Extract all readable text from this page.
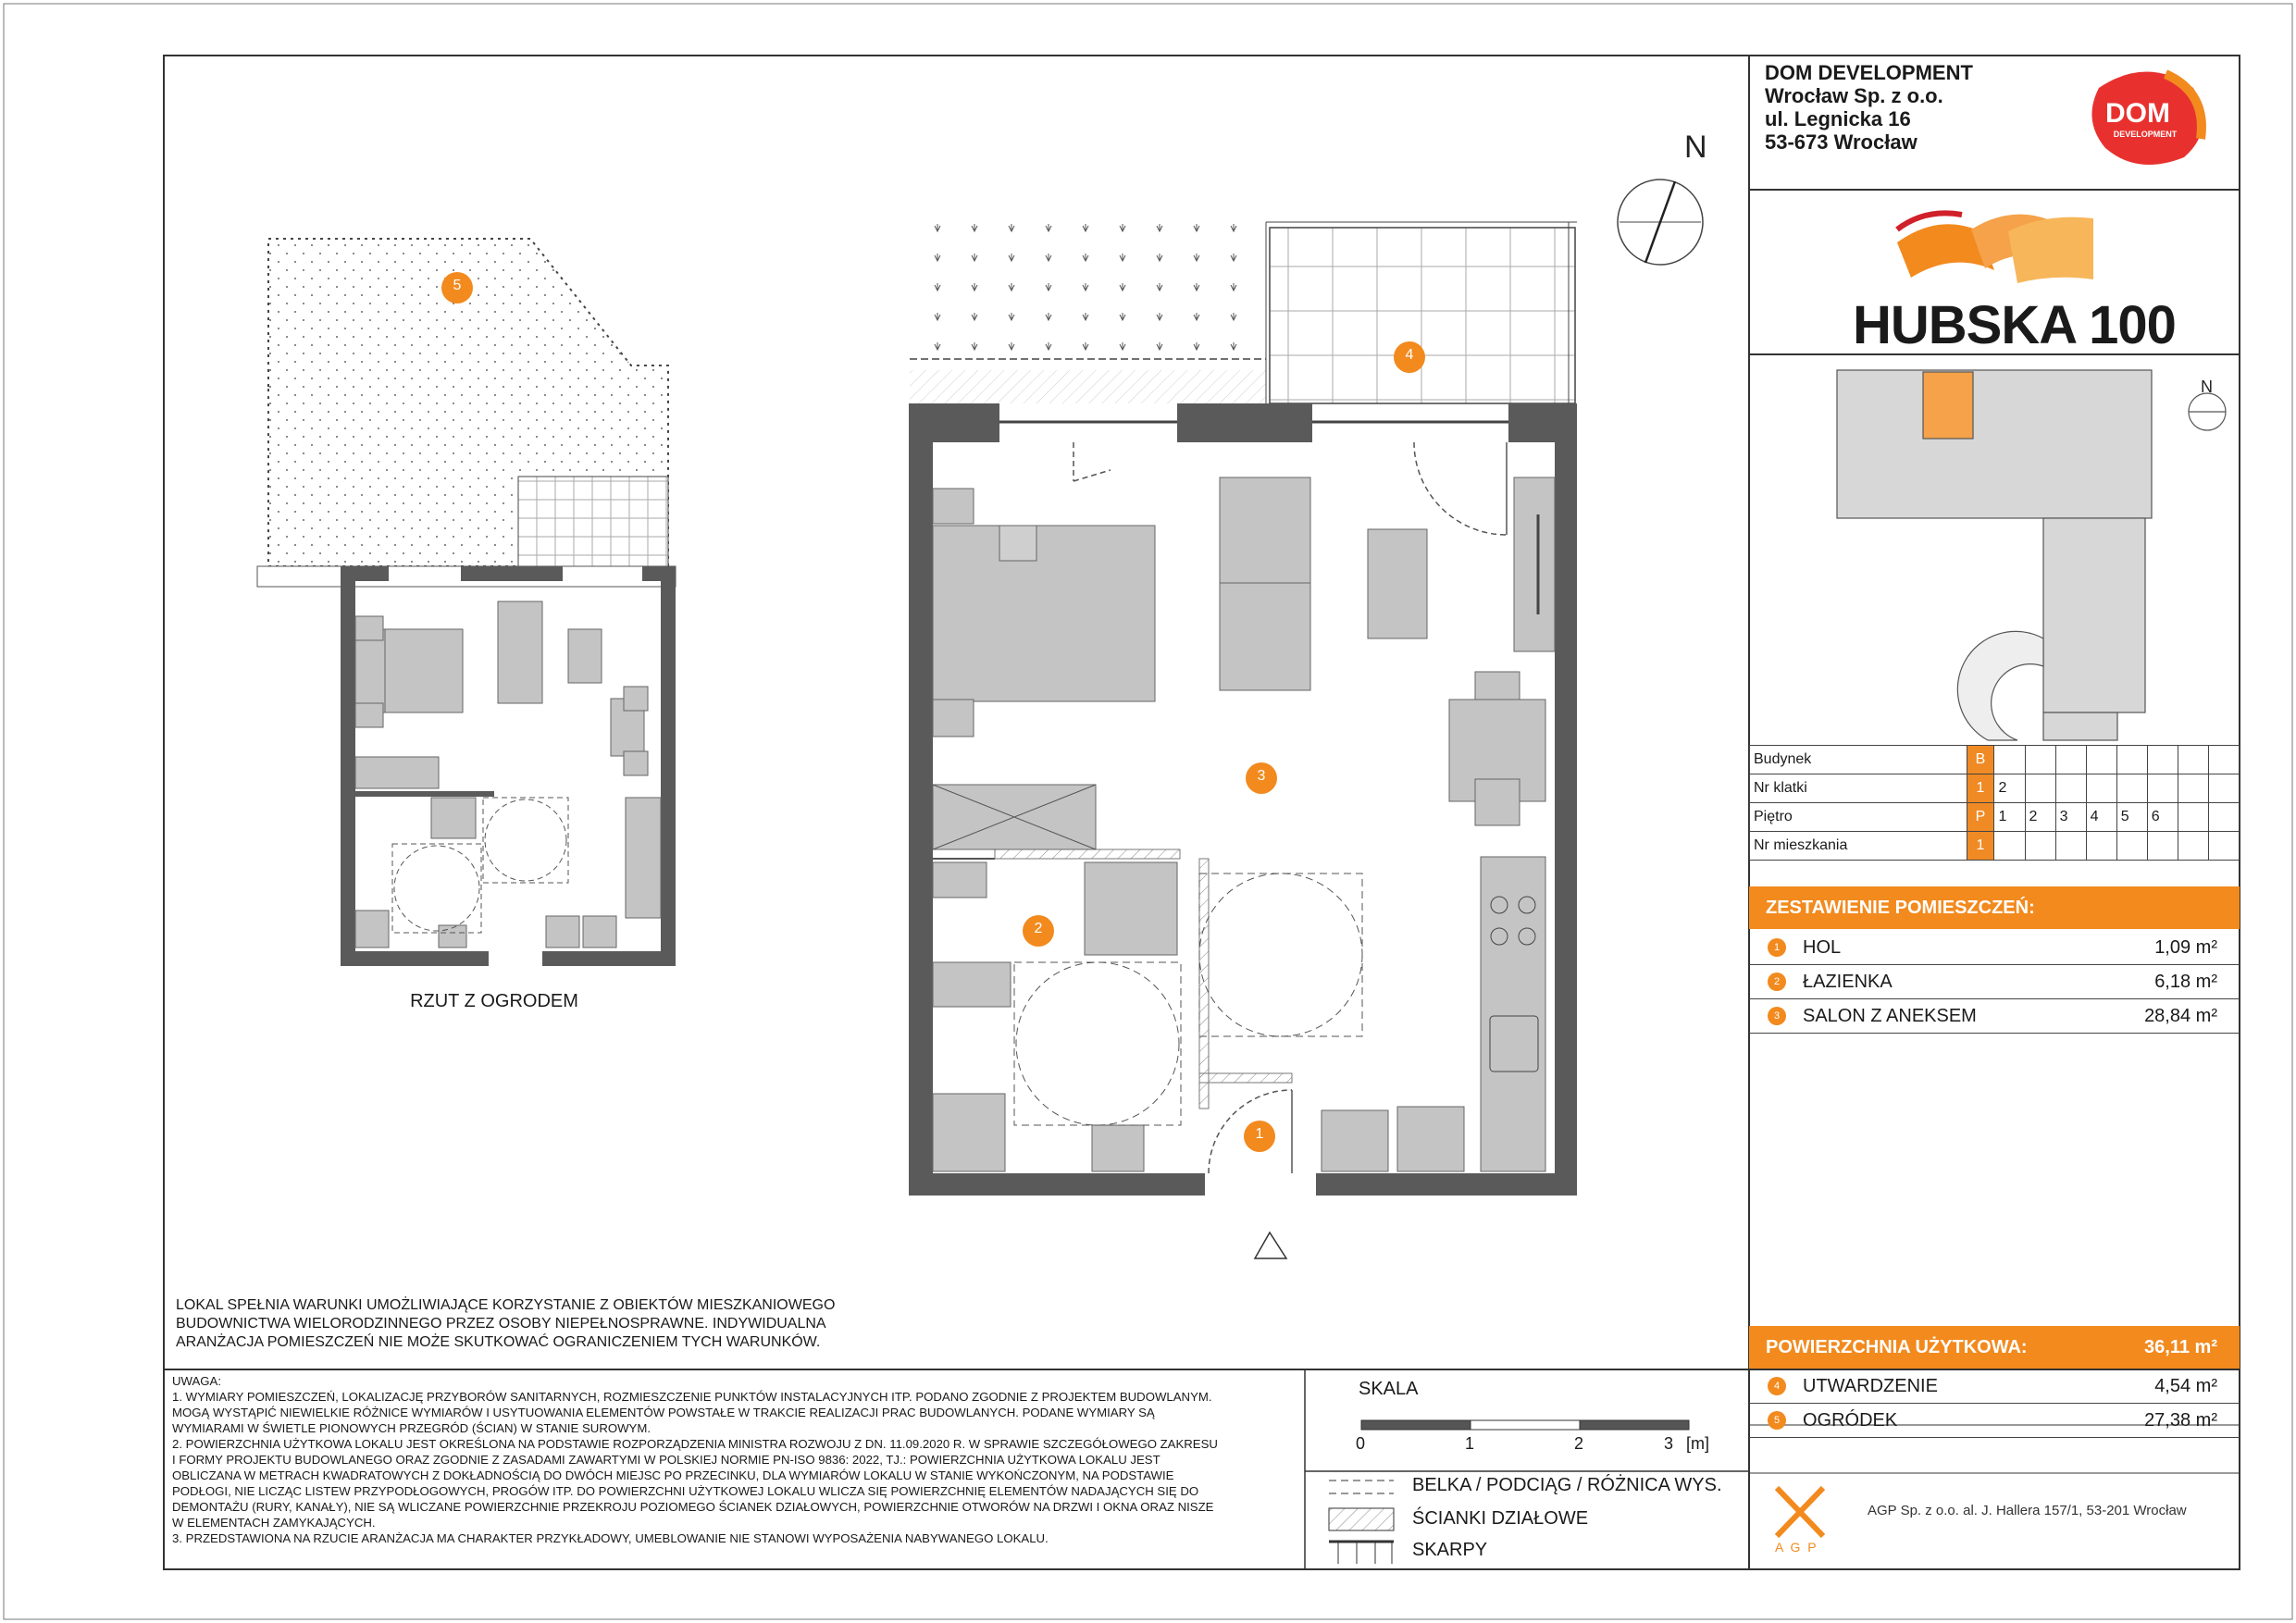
RZUT Z OGRODEM
N
N
DOM
DEVELOPMENT
5
4
3
2
1
DOM DEVELOPMENT
Wrocław Sp. z o.o.
ul. Legnicka 16
53-673 Wrocław
HUBSKA 100
Budynek	B								
Nr klatki	1	2							
Piętro	P	1	2	3	4	5	6		
Nr mieszkania	1								
ZESTAWIENIE POMIESZCZEŃ:
1	HOL	1,09 m²
2	ŁAZIENKA	6,18 m²
3	SALON Z ANEKSEM	28,84 m²
POWIERZCHNIA UŻYTKOWA:	36,11 m²
4	UTWARDZENIE	4,54 m²
5	OGRÓDEK	27,38 m²
LOKAL SPEŁNIA WARUNKI UMOŻLIWIAJĄCE KORZYSTANIE Z OBIEKTÓW MIESZKANIOWEGO
BUDOWNICTWA WIELORODZINNEGO PRZEZ OSOBY NIEPEŁNOSPRAWNE. INDYWIDUALNA
ARANŻACJA POMIESZCZEŃ NIE MOŻE SKUTKOWAĆ OGRANICZENIEM TYCH WARUNKÓW.
UWAGA:
1. WYMIARY POMIESZCZEŃ, LOKALIZACJĘ PRZYBORÓW SANITARNYCH, ROZMIESZCZENIE PUNKTÓW INSTALACYJNYCH ITP. PODANO ZGODNIE Z PROJEKTEM BUDOWLANYM.
MOGĄ WYSTĄPIĆ NIEWIELKIE RÓŻNICE WYMIARÓW I USYTUOWANIA ELEMENTÓW POWSTAŁE W TRAKCIE REALIZACJI PRAC BUDOWLANYCH. PODANE WYMIARY SĄ
WYMIARAMI W ŚWIETLE PIONOWYCH PRZEGRÓD (ŚCIAN) W STANIE SUROWYM.
2. POWIERZCHNIA UŻYTKOWA LOKALU JEST OKREŚLONA NA PODSTAWIE ROZPORZĄDZENIA MINISTRA ROZWOJU Z DN. 11.09.2020 R. W SPRAWIE SZCZEGÓŁOWEGO ZAKRESU
I FORMY PROJEKTU BUDOWLANEGO ORAZ ZGODNIE Z ZASADAMI ZAWARTYMI W POLSKIEJ NORMIE PN-ISO 9836: 2022, TJ.: POWIERZCHNIA UŻYTKOWA LOKALU JEST
OBLICZANA W METRACH KWADRATOWYCH Z DOKŁADNOŚCIĄ DO DWÓCH MIEJSC PO PRZECINKU, DLA WYMIARÓW LOKALU W STANIE WYKOŃCZONYM, NA PODSTAWIE
PODŁOGI, NIE LICZĄC LISTEW PRZYPODŁOGOWYCH, PROGÓW ITP. DO POWIERZCHNI UŻYTKOWEJ LOKALU WLICZA SIĘ POWIERZCHNIĘ ELEMENTÓW NADAJĄCYCH SIĘ DO
DEMONTAŻU (RURY, KANAŁY), NIE SĄ WLICZANE POWIERZCHNIE PRZEKROJU POZIOMEGO ŚCIANEK DZIAŁOWYCH, POWIERZCHNIE OTWORÓW NA DRZWI I OKNA ORAZ NISZE
W ELEMENTACH ZAMYKAJĄCYCH.
3. PRZEDSTAWIONA NA RZUCIE ARANŻACJA MA CHARAKTER PRZYKŁADOWY, UMEBLOWANIE NIE STANOWI WYPOSAŻENIA NABYWANEGO LOKALU.
SKALA
0	1	2	3 [m]
BELKA / PODCIĄG / RÓŻNICA WYS.
ŚCIANKI DZIAŁOWE
SKARPY	A G P
AGP Sp. z o.o. al. J. Hallera 157/1, 53-201 Wrocław
